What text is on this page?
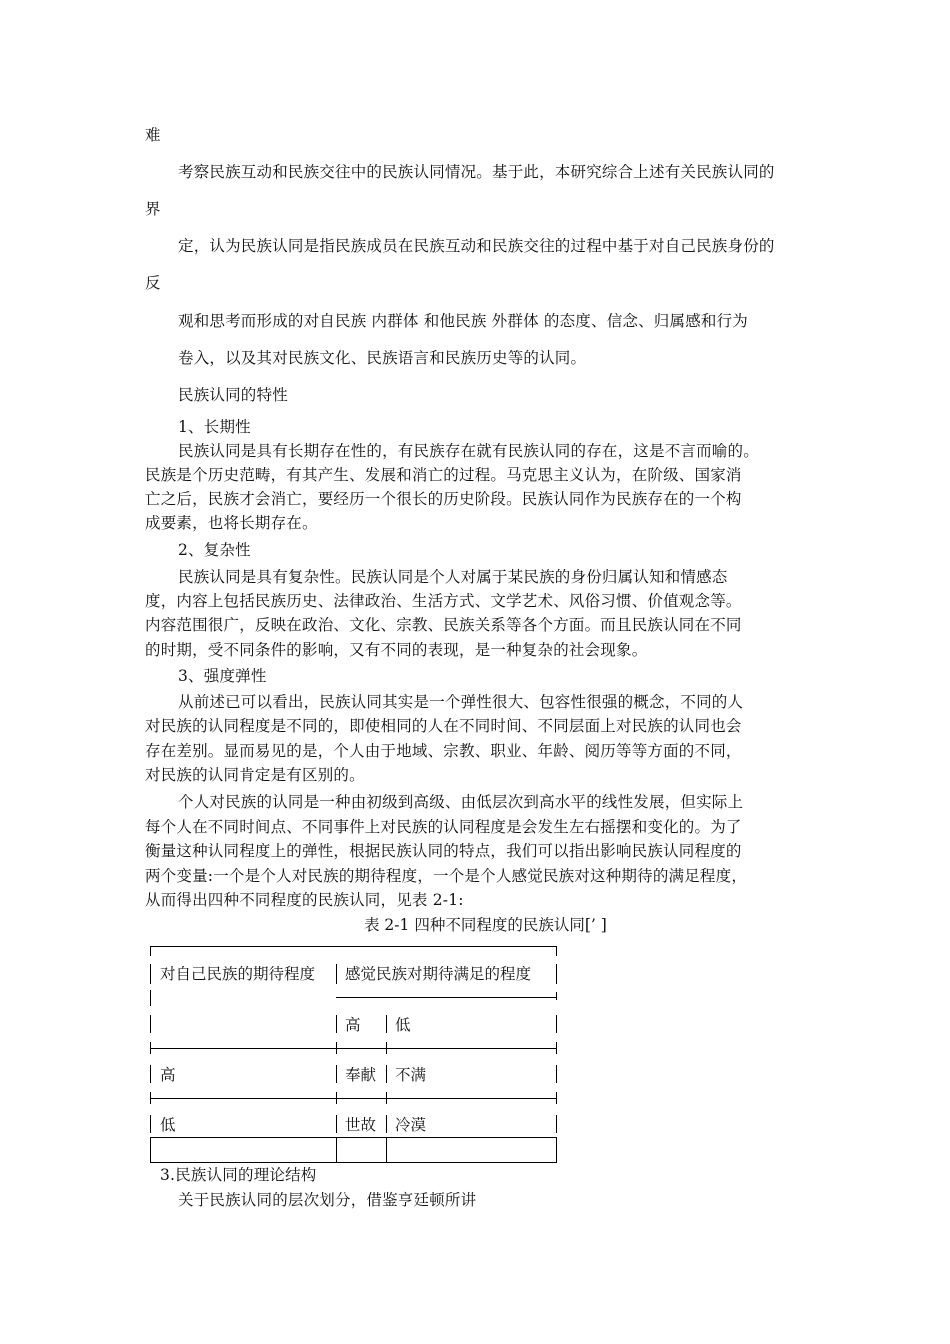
难
考察民族互动和民族交往中的民族认同情况。基于此，本研究综合上述有关民族认同的
界
定，认为民族认同是指民族成员在民族互动和民族交往的过程中基于对自己民族身份的
反
观和思考而形成的对自民族 内群体 和他民族 外群体 的态度、信念、归属感和行为
卷入，以及其对民族文化、民族语言和民族历史等的认同。
民族认同的特性
1、长期性
民族认同是具有长期存在性的，有民族存在就有民族认同的存在，这是不言而喻的。
民族是个历史范畴，有其产生、发展和消亡的过程。马克思主义认为，在阶级、国家消
亡之后，民族才会消亡，要经历一个很长的历史阶段。民族认同作为民族存在的一个构
成要素，也将长期存在。
2、复杂性
民族认同是具有复杂性。民族认同是个人对属于某民族的身份归属认知和情感态
度，内容上包括民族历史、法律政治、生活方式、文学艺术、风俗习惯、价值观念等。
内容范围很广，反映在政治、文化、宗教、民族关系等各个方面。而且民族认同在不同
的时期，受不同条件的影响，又有不同的表现，是一种复杂的社会现象。
3、强度弹性
从前述已可以看出，民族认同其实是一个弹性很大、包容性很强的概念，不同的人
对民族的认同程度是不同的，即使相同的人在不同时间、不同层面上对民族的认同也会
存在差别。显而易见的是，个人由于地域、宗教、职业、年龄、阅历等等方面的不同，
对民族的认同肯定是有区别的。
个人对民族的认同是一种由初级到高级、由低层次到高水平的线性发展，但实际上
每个人在不同时间点、不同事件上对民族的认同程度是会发生左右摇摆和变化的。为了
衡量这种认同程度上的弹性，根据民族认同的特点，我们可以指出影响民族认同程度的
两个变量:一个是个人对民族的期待程度，一个是个人感觉民族对这种期待的满足程度，
从而得出四种不同程度的民族认同，见表 2-1:
表 2-1 四种不同程度的民族认同[’ ]
对自己民族的期待程度 感觉民族对期待满足的程度
高 低
高	奉献 不满
低	世故 冷漠
3.民族认同的理论结构
关于民族认同的层次划分，借鉴亨廷顿所讲
